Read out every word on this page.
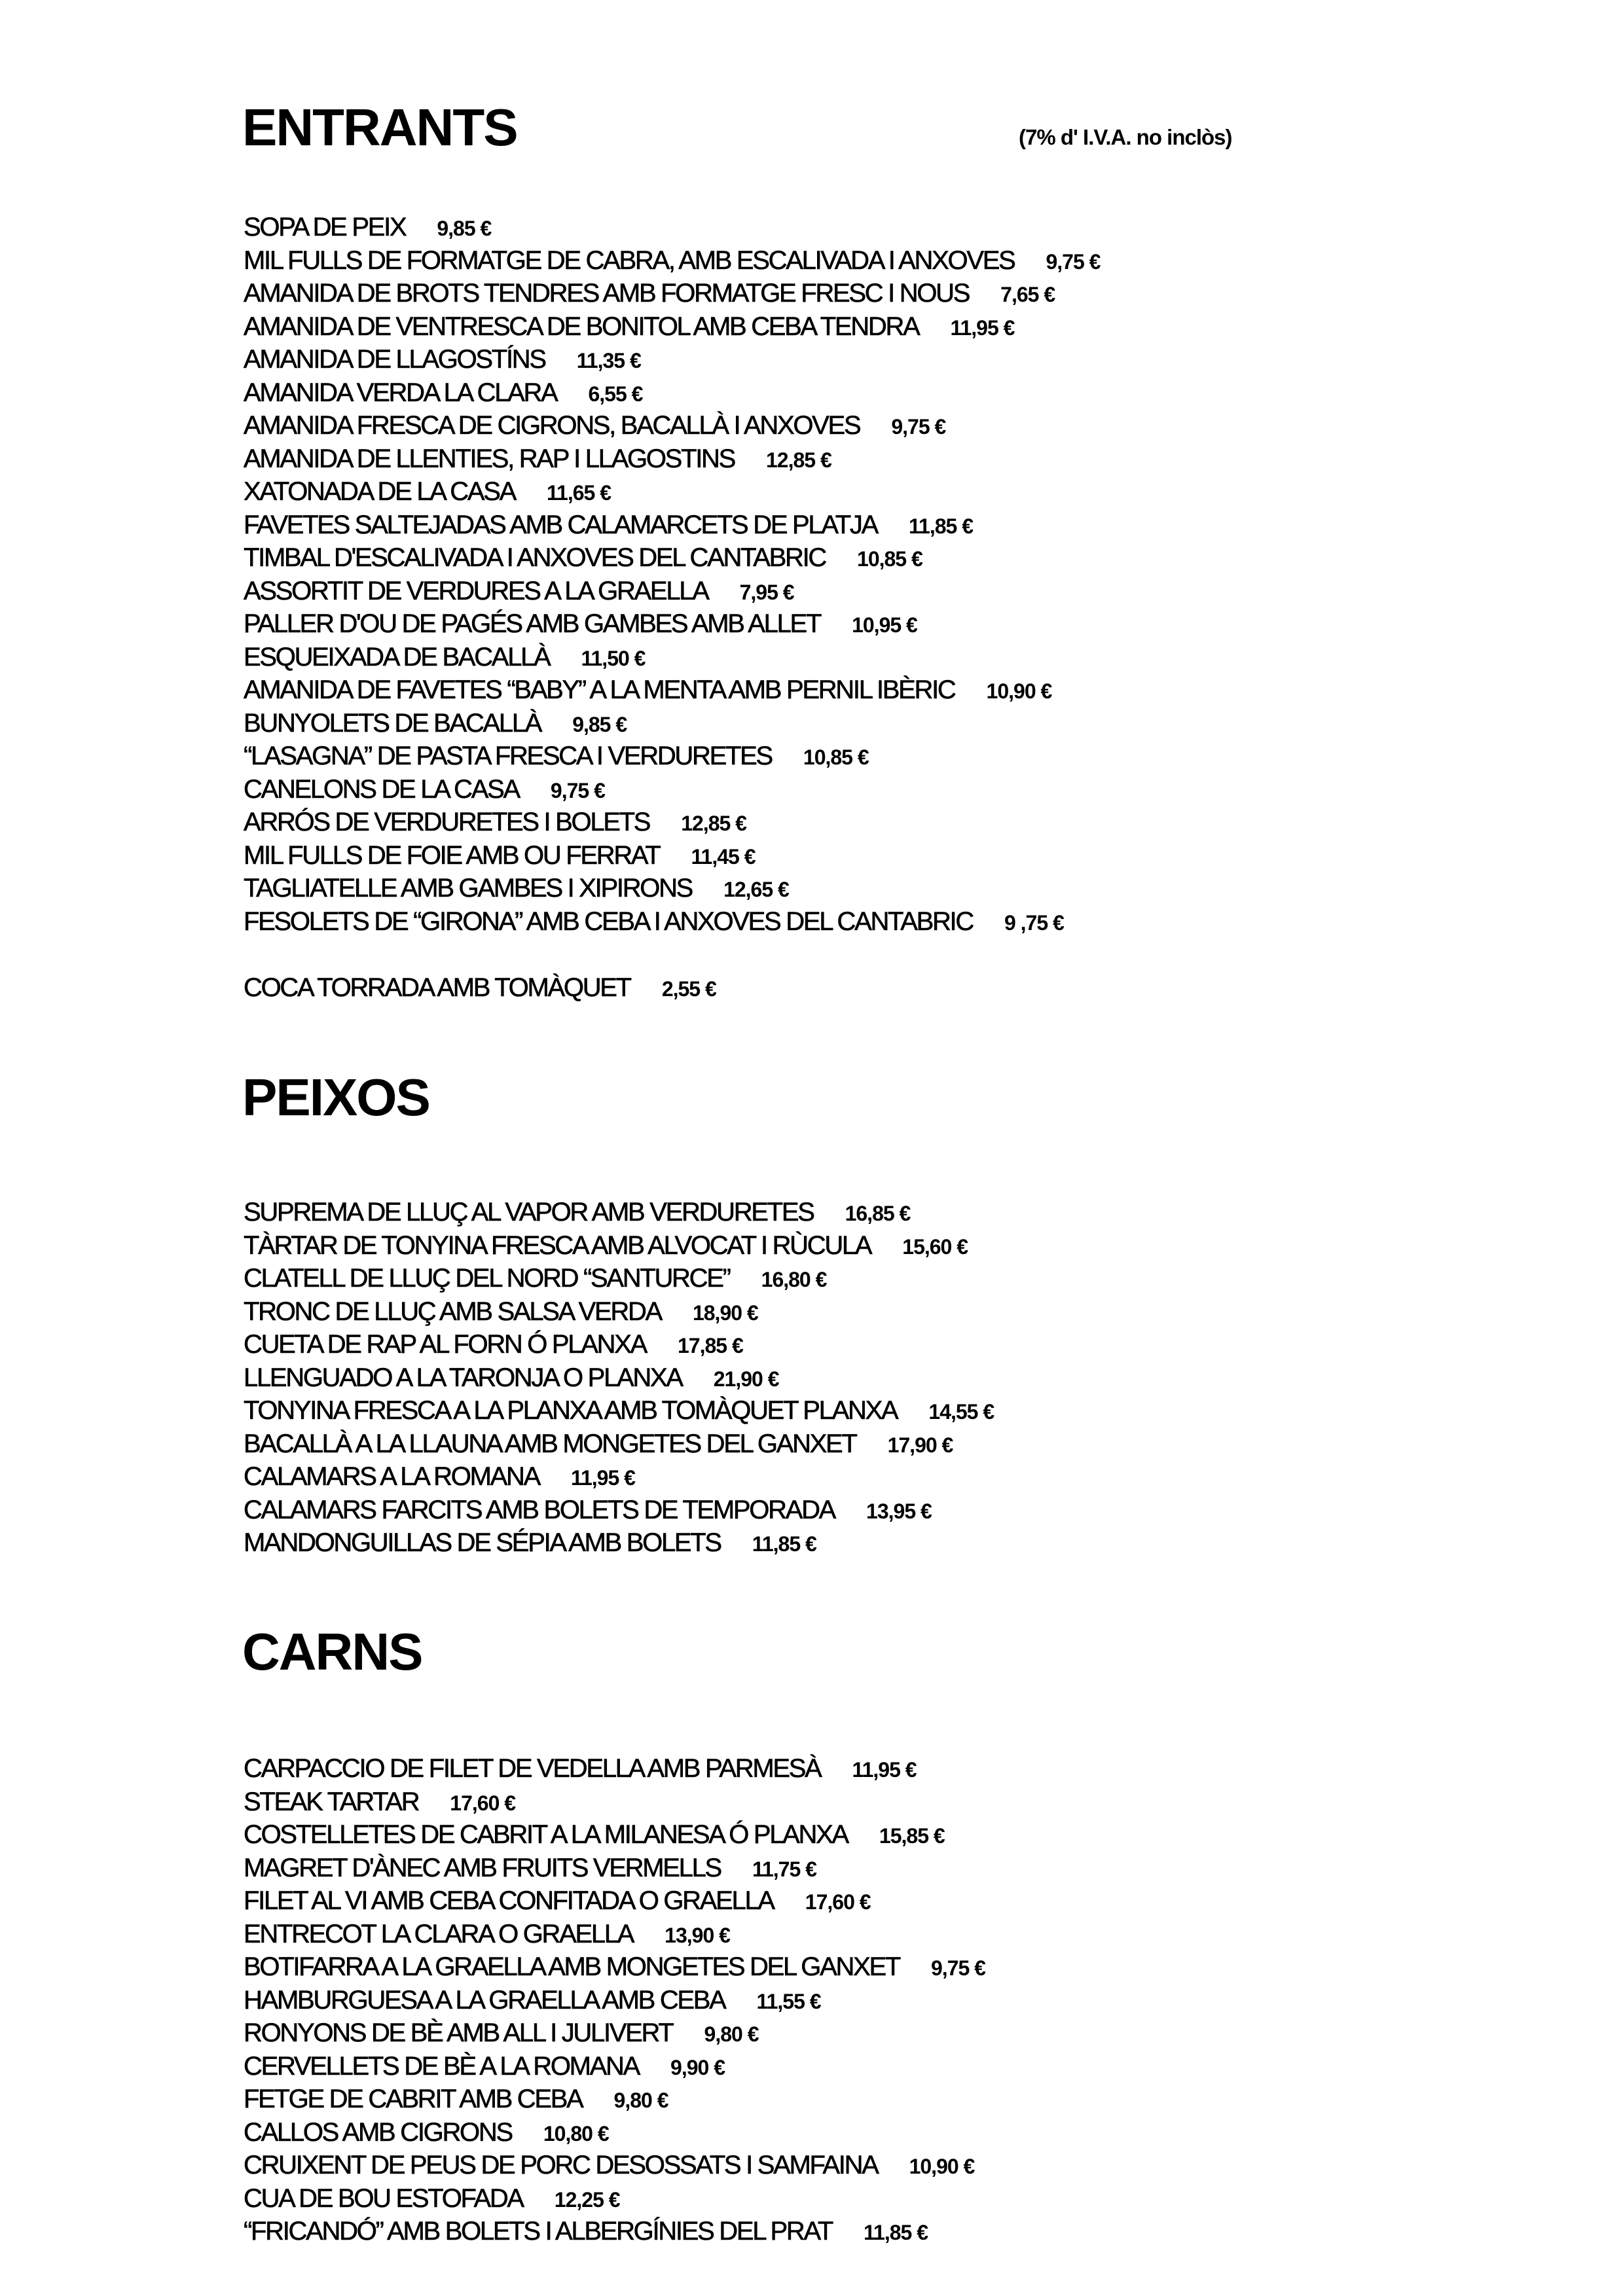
ENTRANTS	(7% d' I.V.A. no inclòs)
SOPA DE PEIX 9,85 €
MIL FULLS DE FORMATGE DE CABRA, AMB ESCALIVADA I ANXOVES 9,75 €
AMANIDA DE BROTS TENDRES AMB FORMATGE FRESC I NOUS 7,65 €
AMANIDA DE VENTRESCA DE BONITOL AMB CEBA TENDRA 11,95 €
AMANIDA DE LLAGOSTÍNS 11,35 €
AMANIDA VERDA LA CLARA 6,55 €
AMANIDA FRESCA DE CIGRONS, BACALLÀ I ANXOVES 9,75 €
AMANIDA DE LLENTIES, RAP I LLAGOSTINS 12,85 €
XATONADA DE LA CASA 11,65 €
FAVETES SALTEJADAS AMB CALAMARCETS DE PLATJA 11,85 €
TIMBAL D'ESCALIVADA I ANXOVES DEL CANTABRIC 10,85 €
ASSORTIT DE VERDURES A LA GRAELLA 7,95 €
PALLER D'OU DE PAGÉS AMB GAMBES AMB ALLET 10,95 €
ESQUEIXADA DE BACALLÀ 11,50 €
AMANIDA DE FAVETES “BABY” A LA MENTA AMB PERNIL IBÈRIC 10,90 €
BUNYOLETS DE BACALLÀ 9,85 €
“LASAGNA” DE PASTA FRESCA I VERDURETES 10,85 €
CANELONS DE LA CASA 9,75 €
ARRÓS DE VERDURETES I BOLETS 12,85 €
MIL FULLS DE FOIE AMB OU FERRAT 11,45 €
TAGLIATELLE AMB GAMBES I XIPIRONS 12,65 €
FESOLETS DE “GIRONA” AMB CEBA I ANXOVES DEL CANTABRIC 9 ,75 €
COCA TORRADA AMB TOMÀQUET 2,55 €
PEIXOS
SUPREMA DE LLUÇ AL VAPOR AMB VERDURETES 16,85 €
TÀRTAR DE TONYINA FRESCA AMB ALVOCAT I RÙCULA 15,60 €
CLATELL DE LLUÇ DEL NORD “SANTURCE” 16,80 €
TRONC DE LLUÇ AMB SALSA VERDA 18,90 €
CUETA DE RAP AL FORN Ó PLANXA 17,85 €
LLENGUADO A LA TARONJA O PLANXA 21,90 €
TONYINA FRESCA A LA PLANXA AMB TOMÀQUET PLANXA 14,55 €
BACALLÀ A LA LLAUNA AMB MONGETES DEL GANXET 17,90 €
CALAMARS A LA ROMANA 11,95 €
CALAMARS FARCITS AMB BOLETS DE TEMPORADA 13,95 €
MANDONGUILLAS DE SÉPIA AMB BOLETS 11,85 €
CARNS
CARPACCIO DE FILET DE VEDELLA AMB PARMESÀ 11,95 €
STEAK TARTAR 17,60 €
COSTELLETES DE CABRIT A LA MILANESA Ó PLANXA 15,85 €
MAGRET D'ÀNEC AMB FRUITS VERMELLS 11,75 €
FILET AL VI AMB CEBA CONFITADA O GRAELLA 17,60 €
ENTRECOT LA CLARA O GRAELLA 13,90 €
BOTIFARRA A LA GRAELLA AMB MONGETES DEL GANXET 9,75 €
HAMBURGUESA A LA GRAELLA AMB CEBA 11,55 €
RONYONS DE BÈ AMB ALL I JULIVERT 9,80 €
CERVELLETS DE BÈ A LA ROMANA 9,90 €
FETGE DE CABRIT AMB CEBA 9,80 €
CALLOS AMB CIGRONS 10,80 €
CRUIXENT DE PEUS DE PORC DESOSSATS I SAMFAINA 10,90 €
CUA DE BOU ESTOFADA 12,25 €
“FRICANDÓ” AMB BOLETS I ALBERGÍNIES DEL PRAT 11,85 €
